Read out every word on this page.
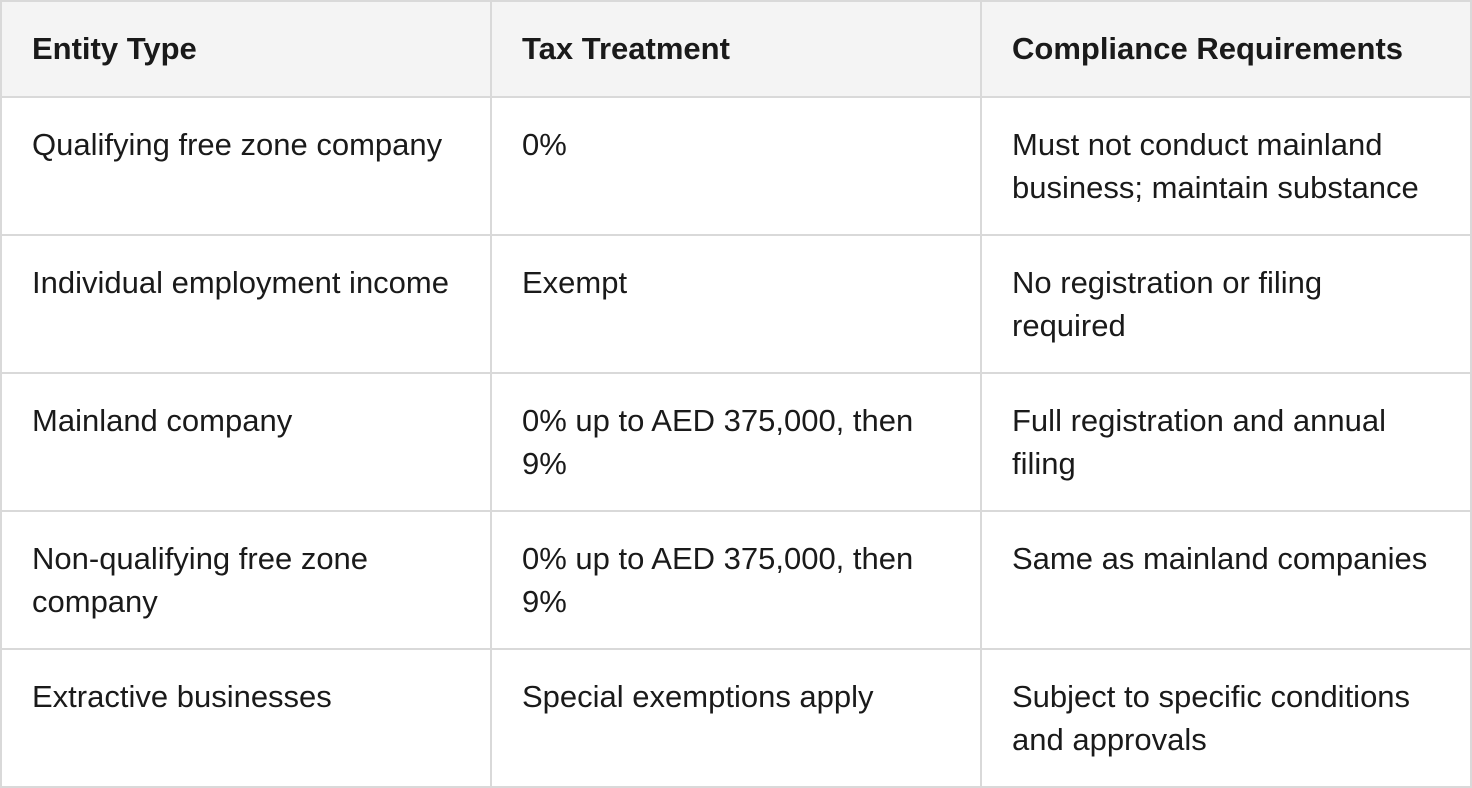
Entity Type	Tax Treatment	Compliance Requirements
Qualifying free zone company	0%	Must not conduct mainland business; maintain substance
Individual employment income	Exempt	No registration or filing required
Mainland company	0% up to AED 375,000, then 9%	Full registration and annual filing
Non-qualifying free zone company	0% up to AED 375,000, then 9%	Same as mainland companies
Extractive businesses	Special exemptions apply	Subject to specific conditions and approvals
